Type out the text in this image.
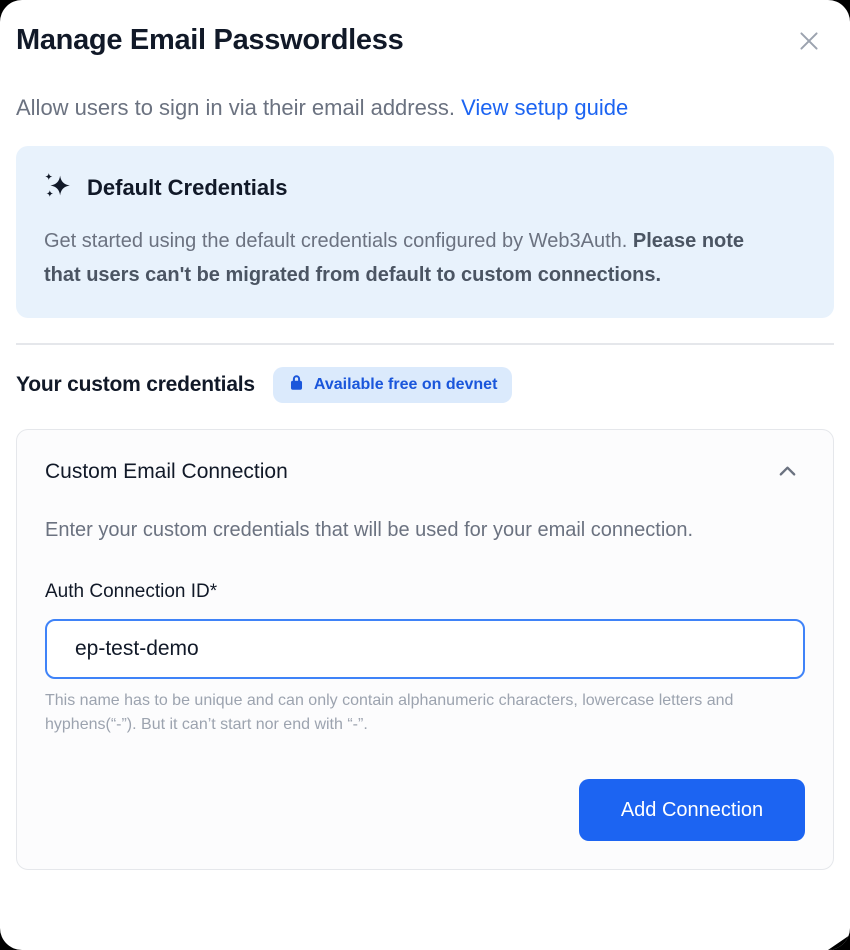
Manage Email Passwordless

Allow users to sign in via their email address. View setup guide

Default Credentials

Get started using the default credentials configured by Web3Auth. Please note that users can't be migrated from default to custom connections.

Your custom credentials	Available free on devnet
Custom Email Connection

Enter your custom credentials that will be used for your email connection.

Auth Connection ID*
ep-test-demo

This name has to be unique and can only contain alphanumeric characters, lowercase letters and hyphens(“-”). But it can’t start nor end with “-”.

Add Connection
